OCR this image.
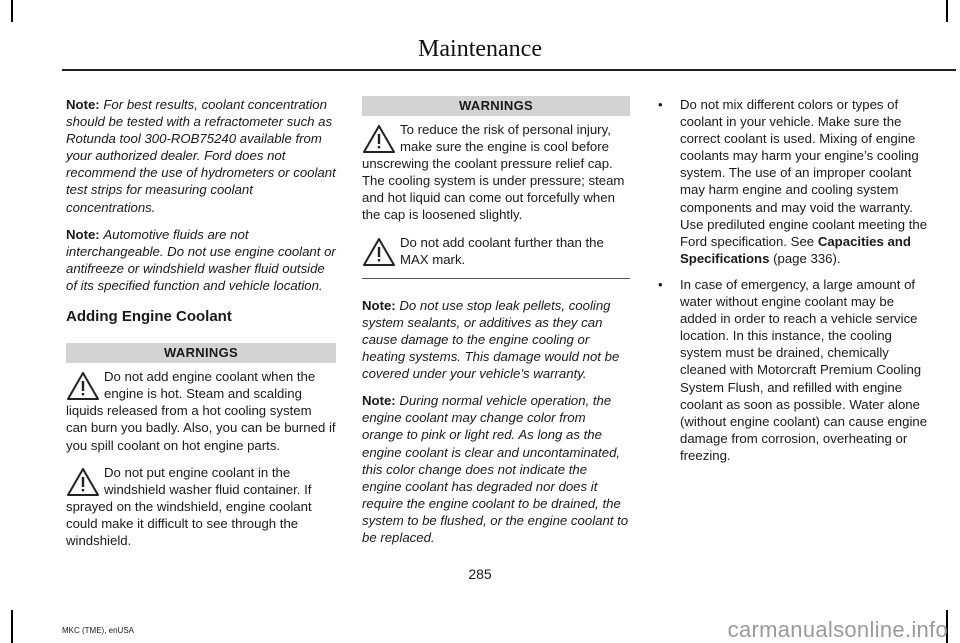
Maintenance

Note: For best results, coolant concentration should be tested with a refractometer such as Rotunda tool 300-ROB75240 available from your authorized dealer. Ford does not recommend the use of hydrometers or coolant test strips for measuring coolant concentrations.

Note: Automotive fluids are not interchangeable. Do not use engine coolant or antifreeze or windshield washer fluid outside of its specified function and vehicle location.

Adding Engine Coolant
WARNINGS
Do not add engine coolant when the engine is hot. Steam and scalding liquids released from a hot cooling system can burn you badly. Also, you can be burned if you spill coolant on hot engine parts.
Do not put engine coolant in the windshield washer fluid container. If sprayed on the windshield, engine coolant could make it difficult to see through the windshield.
WARNINGS
To reduce the risk of personal injury, make sure the engine is cool before unscrewing the coolant pressure relief cap. The cooling system is under pressure; steam and hot liquid can come out forcefully when the cap is loosened slightly.
Do not add coolant further than the MAX mark.

Note: Do not use stop leak pellets, cooling system sealants, or additives as they can cause damage to the engine cooling or heating systems. This damage would not be covered under your vehicle’s warranty.

Note: During normal vehicle operation, the engine coolant may change color from orange to pink or light red. As long as the engine coolant is clear and uncontaminated, this color change does not indicate the engine coolant has degraded nor does it require the engine coolant to be drained, the system to be flushed, or the engine coolant to be replaced.

• Do not mix different colors or types of coolant in your vehicle. Make sure the correct coolant is used. Mixing of engine coolants may harm your engine’s cooling system. The use of an improper coolant may harm engine and cooling system components and may void the warranty. Use prediluted engine coolant meeting the Ford specification. See Capacities and Specifications (page 336).
• In case of emergency, a large amount of water without engine coolant may be added in order to reach a vehicle service location. In this instance, the cooling system must be drained, chemically cleaned with Motorcraft Premium Cooling System Flush, and refilled with engine coolant as soon as possible. Water alone (without engine coolant) can cause engine damage from corrosion, overheating or freezing.
285
MKC (TME), enUSA	carmanualsonline.info
